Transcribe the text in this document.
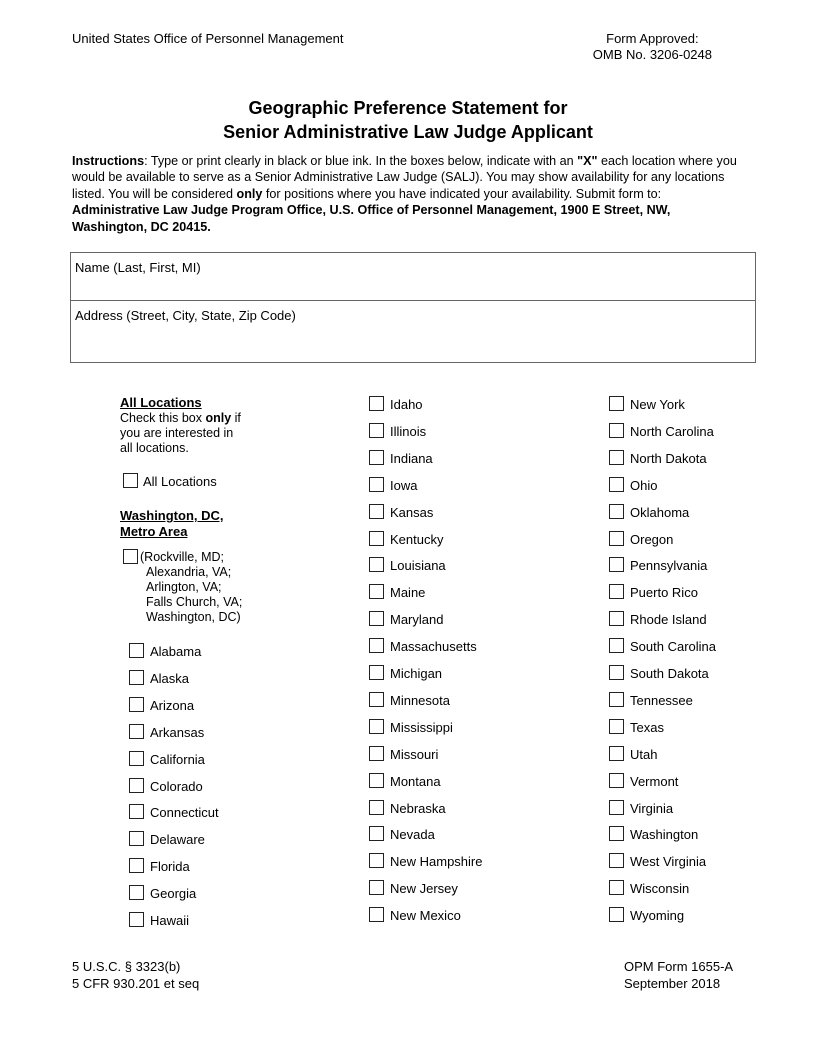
United States Office of Personnel Management	Form Approved:
OMB No. 3206-0248
Geographic Preference Statement for
Senior Administrative Law Judge Applicant
Instructions: Type or print clearly in black or blue ink. In the boxes below, indicate with an "X" each location where you would be available to serve as a Senior Administrative Law Judge (SALJ). You may show availability for any locations listed. You will be considered only for positions where you have indicated your availability. Submit form to: Administrative Law Judge Program Office, U.S. Office of Personnel Management, 1900 E Street, NW, Washington, DC 20415.
Name (Last, First, MI)
Address (Street, City, State, Zip Code)
All Locations
Check this box only if
you are interested in
all locations.
All Locations
Washington, DC,
Metro Area
(Rockville, MD;
Alexandria, VA;
Arlington, VA;
Falls Church, VA;
Washington, DC)
Alabama
Alaska
Arizona
Arkansas
California
Colorado
Connecticut
Delaware
Florida
Georgia
Hawaii
Idaho
Illinois
Indiana
Iowa
Kansas
Kentucky
Louisiana
Maine
Maryland
Massachusetts
Michigan
Minnesota
Mississippi
Missouri
Montana
Nebraska
Nevada
New Hampshire
New Jersey
New Mexico
New York
North Carolina
North Dakota
Ohio
Oklahoma
Oregon
Pennsylvania
Puerto Rico
Rhode Island
South Carolina
South Dakota
Tennessee
Texas
Utah
Vermont
Virginia
Washington
West Virginia
Wisconsin
Wyoming
5 U.S.C. § 3323(b)
5 CFR 930.201 et seq
OPM Form 1655-A
September 2018
